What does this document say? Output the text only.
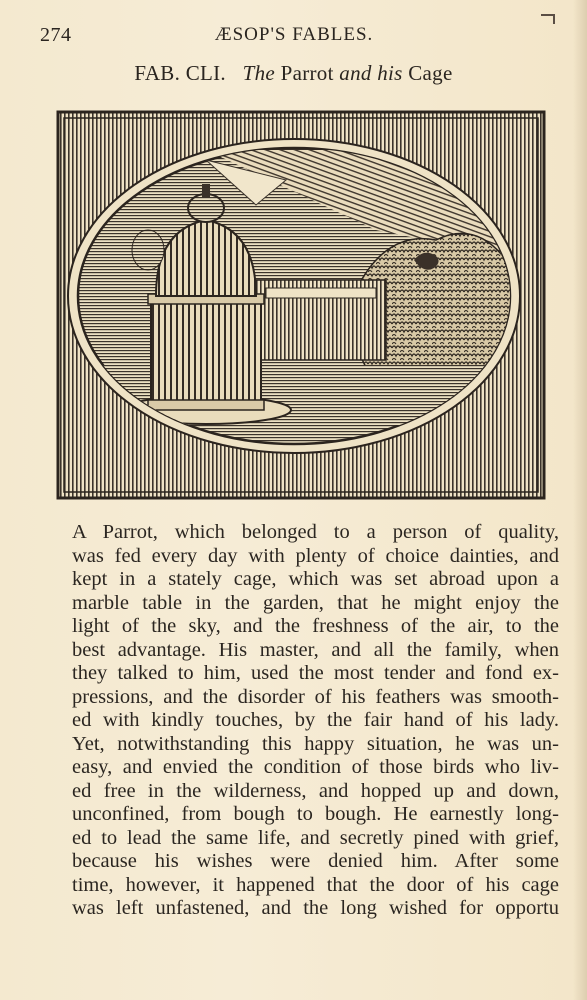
274	ÆSOP'S FABLES.
FAB. CLI. The Parrot and his Cage
A Parrot, which belonged to a person of quality,
was fed every day with plenty of choice dainties, and
kept in a stately cage, which was set abroad upon a
marble table in the garden, that he might enjoy the
light of the sky, and the freshness of the air, to the
best advantage. His master, and all the family, when
they talked to him, used the most tender and fond ex-
pressions, and the disorder of his feathers was smooth-
ed with kindly touches, by the fair hand of his lady.
Yet, notwithstanding this happy situation, he was un-
easy, and envied the condition of those birds who liv-
ed free in the wilderness, and hopped up and down,
unconfined, from bough to bough. He earnestly long-
ed to lead the same life, and secretly pined with grief,
because his wishes were denied him. After some
time, however, it happened that the door of his cage
was left unfastened, and the long wished for opportu
